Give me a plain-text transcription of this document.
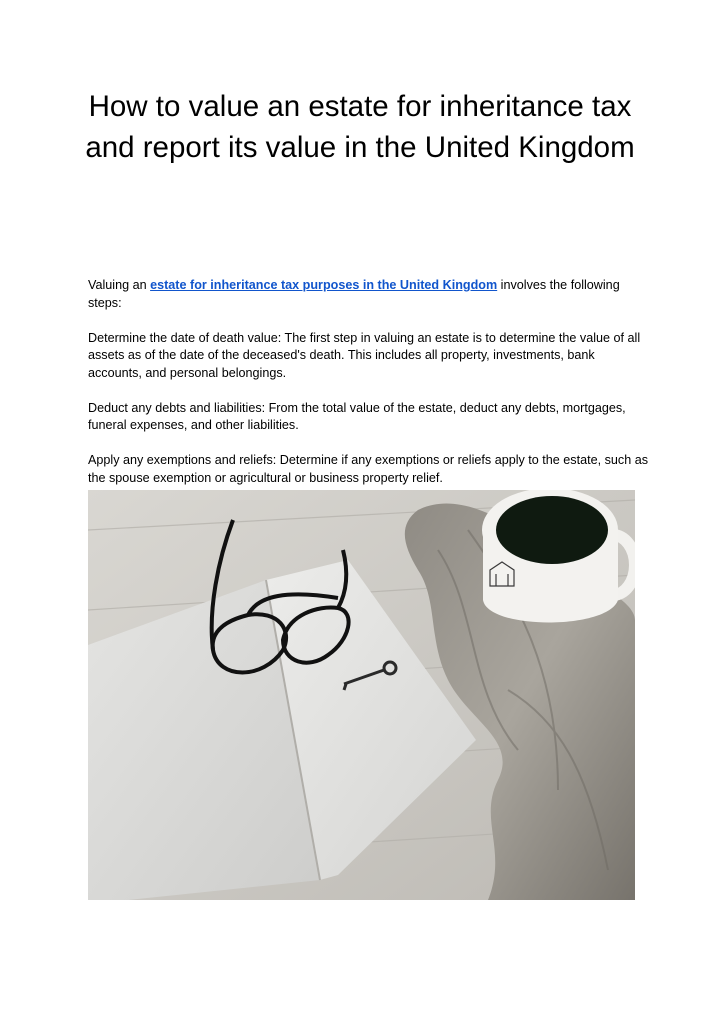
How to value an estate for inheritance tax and report its value in the United Kingdom

Valuing an estate for inheritance tax purposes in the United Kingdom involves the following steps:

Determine the date of death value: The first step in valuing an estate is to determine the value of all assets as of the date of the deceased's death. This includes all property, investments, bank accounts, and personal belongings.

Deduct any debts and liabilities: From the total value of the estate, deduct any debts, mortgages, funeral expenses, and other liabilities.

Apply any exemptions and reliefs: Determine if any exemptions or reliefs apply to the estate, such as the spouse exemption or agricultural or business property relief.
